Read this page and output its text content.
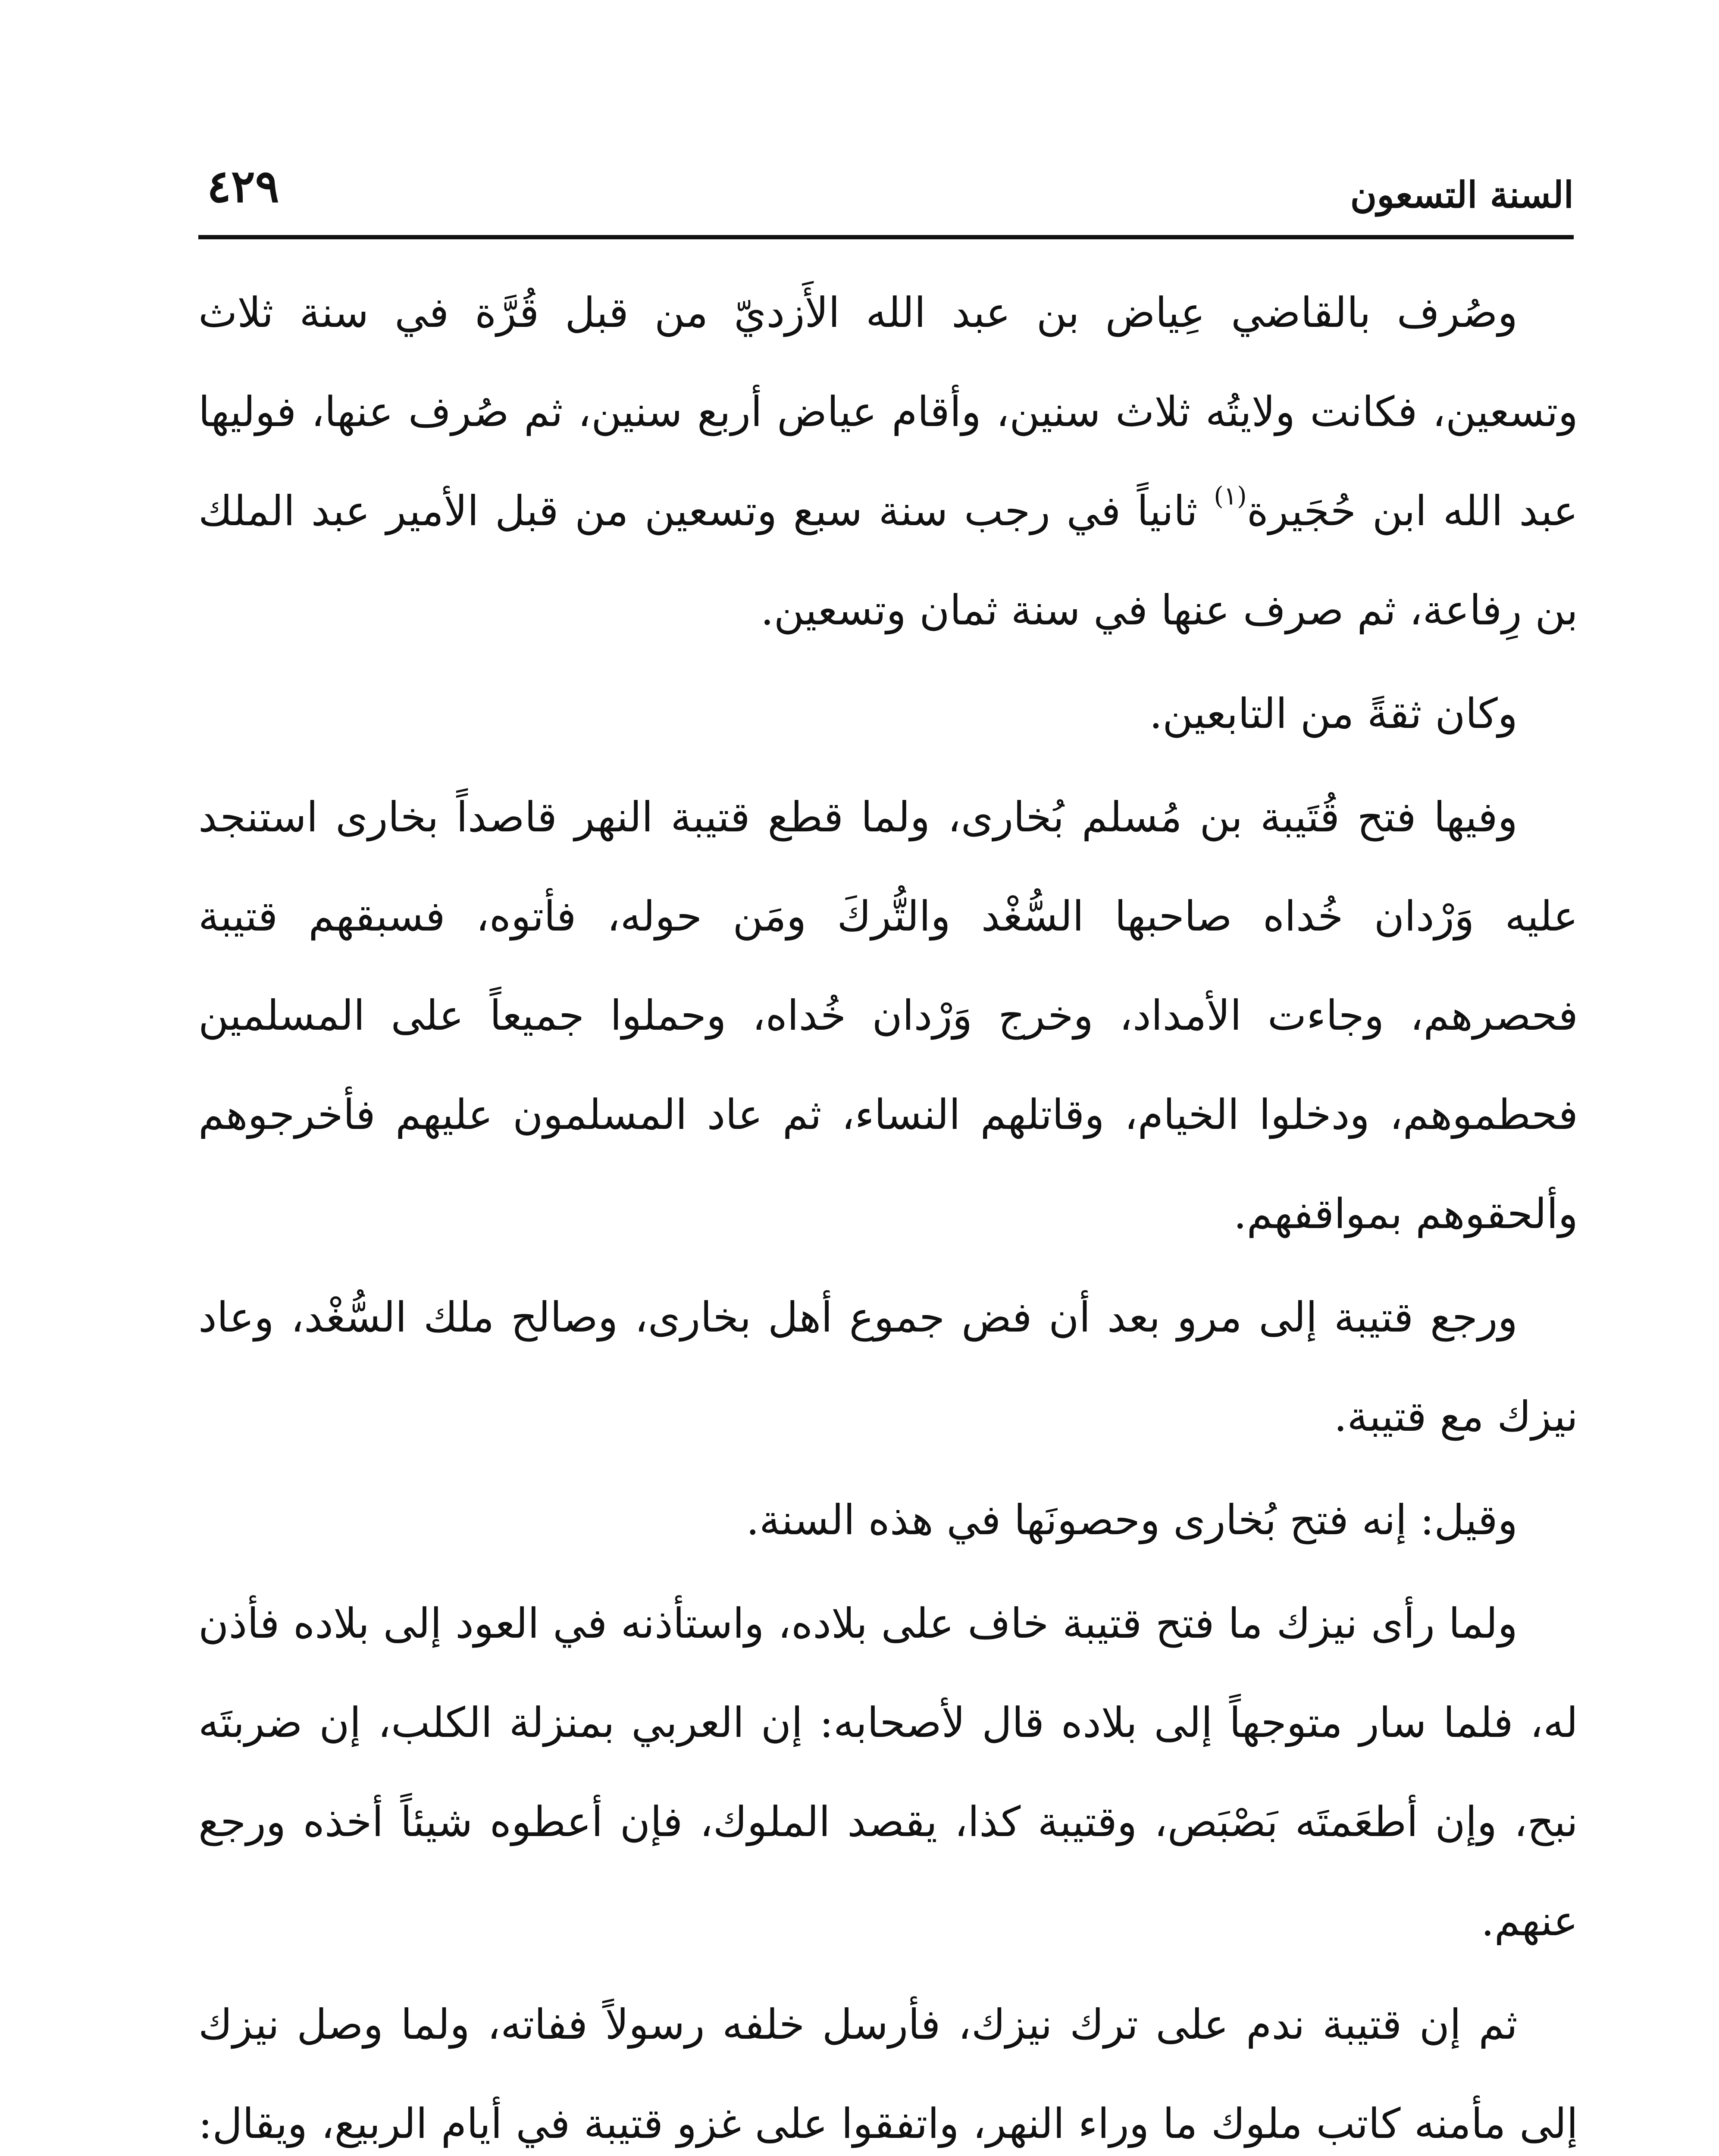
السنة التسعون
٤٢٩

وصُرف بالقاضي عِياض بن عبد الله الأَزديّ من قبل قُرَّة في سنة ثلاث وتسعين، فكانت ولايتُه ثلاث سنين، وأقام عياض أربع سنين، ثم صُرف عنها، فوليها عبد الله ابن حُجَيرة$^{(١)}$ ثانياً في رجب سنة سبع وتسعين من قبل الأمير عبد الملك بن رِفاعة، ثم صرف عنها في سنة ثمان وتسعين.

وكان ثقةً من التابعين.

وفيها فتح قُتَيبة بن مُسلم بُخارى، ولما قطع قتيبة النهر قاصداً بخارى استنجد عليه وَرْدان خُداه صاحبها السُّغْد والتُّركَ ومَن حوله، فأتوه، فسبقهم قتيبة فحصرهم، وجاءت الأمداد، وخرج وَرْدان خُداه، وحملوا جميعاً على المسلمين فحطموهم، ودخلوا الخيام، وقاتلهم النساء، ثم عاد المسلمون عليهم فأخرجوهم وألحقوهم بمواقفهم.

ورجع قتيبة إلى مرو بعد أن فض جموع أهل بخارى، وصالح ملك السُّغْد، وعاد نيزك مع قتيبة.

وقيل: إنه فتح بُخارى وحصونَها في هذه السنة.

ولما رأى نيزك ما فتح قتيبة خاف على بلاده، واستأذنه في العود إلى بلاده فأذن له، فلما سار متوجهاً إلى بلاده قال لأصحابه: إن العربي بمنزلة الكلب، إن ضربتَه نبح، وإن أطعَمتَه بَصْبَص، وقتيبة كذا، يقصد الملوك، فإن أعطوه شيئاً أخذه ورجع عنهم.

ثم إن قتيبة ندم على ترك نيزك، فأرسل خلفه رسولاً ففاته، ولما وصل نيزك إلى مأمنه كاتب ملوك ما وراء النهر، واتفقوا على غزو قتيبة في أيام الربيع، ويقال:
